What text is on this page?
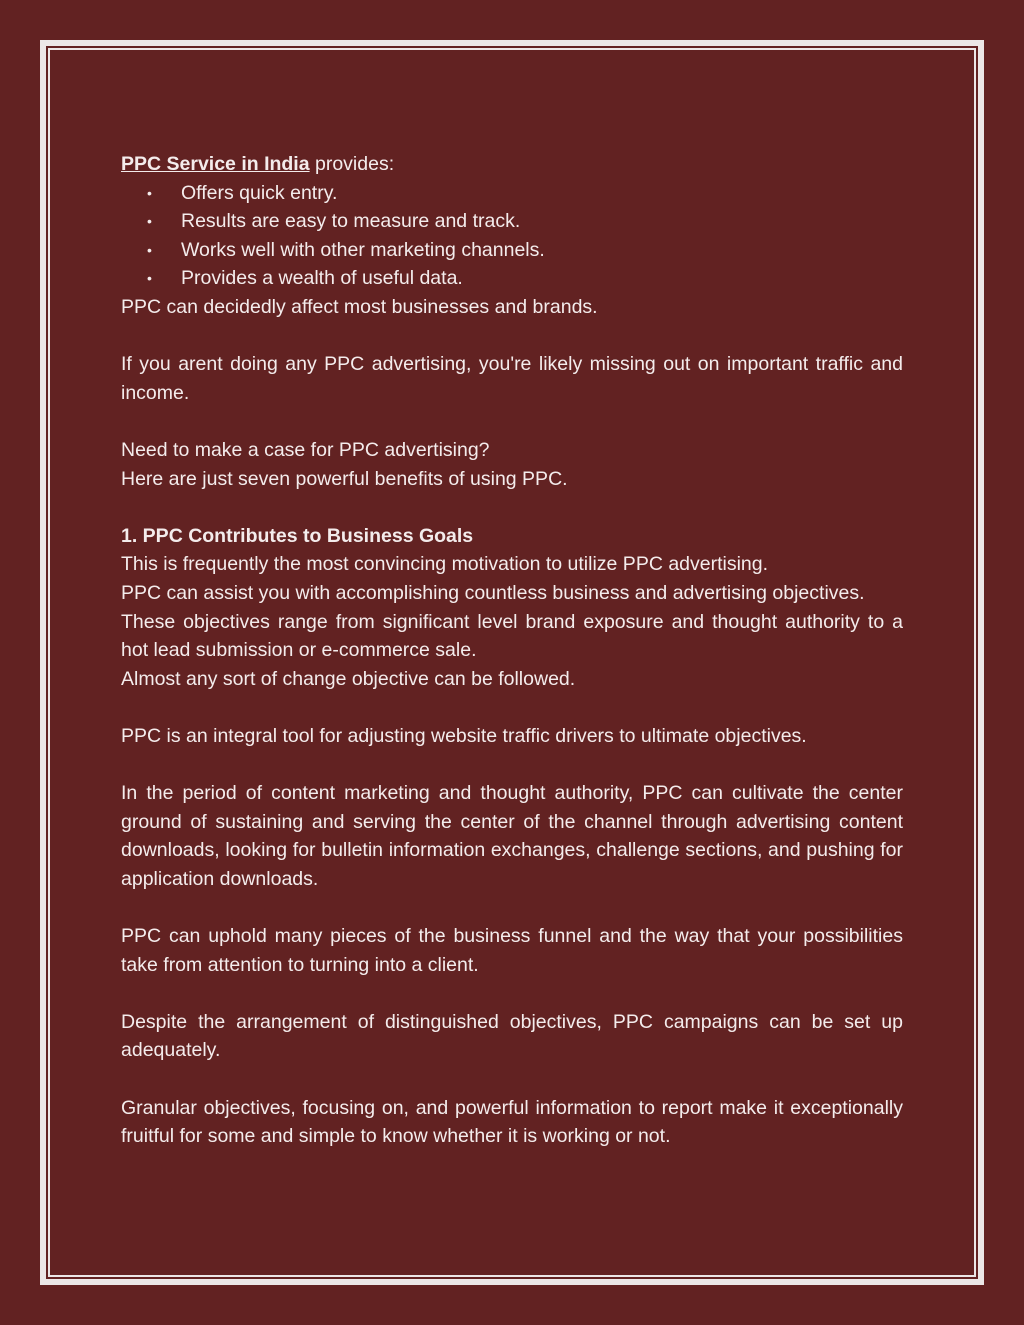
PPC Service in India provides:

• Offers quick entry.
• Results are easy to measure and track.
• Works well with other marketing channels.
• Provides a wealth of useful data.

PPC can decidedly affect most businesses and brands.

If you arent doing any PPC advertising, you're likely missing out on important traffic and income.

Need to make a case for PPC advertising?

Here are just seven powerful benefits of using PPC.

1. PPC Contributes to Business Goals

This is frequently the most convincing motivation to utilize PPC advertising.

PPC can assist you with accomplishing countless business and advertising objectives.

These objectives range from significant level brand exposure and thought authority to a hot lead submission or e-commerce sale.

Almost any sort of change objective can be followed.

PPC is an integral tool for adjusting website traffic drivers to ultimate objectives.

In the period of content marketing and thought authority, PPC can cultivate the center ground of sustaining and serving the center of the channel through advertising content downloads, looking for bulletin information exchanges, challenge sections, and pushing for application downloads.

PPC can uphold many pieces of the business funnel and the way that your possibilities take from attention to turning into a client.

Despite the arrangement of distinguished objectives, PPC campaigns can be set up adequately.

Granular objectives, focusing on, and powerful information to report make it exceptionally fruitful for some and simple to know whether it is working or not.
